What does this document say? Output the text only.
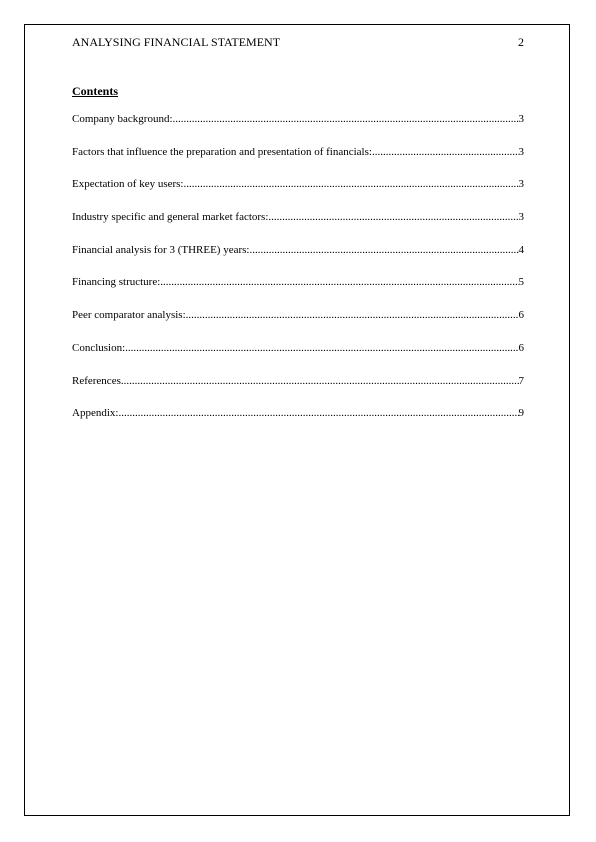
ANALYSING FINANCIAL STATEMENT	2
Contents
Company background: .....	3
Factors that influence the preparation and presentation of financials: .....	3
Expectation of key users: .....	3
Industry specific and general market factors: .....	3
Financial analysis for 3 (THREE) years: .....	4
Financing structure: .....	5
Peer comparator analysis: .....	6
Conclusion: .....	6
References .....	7
Appendix: .....	9
